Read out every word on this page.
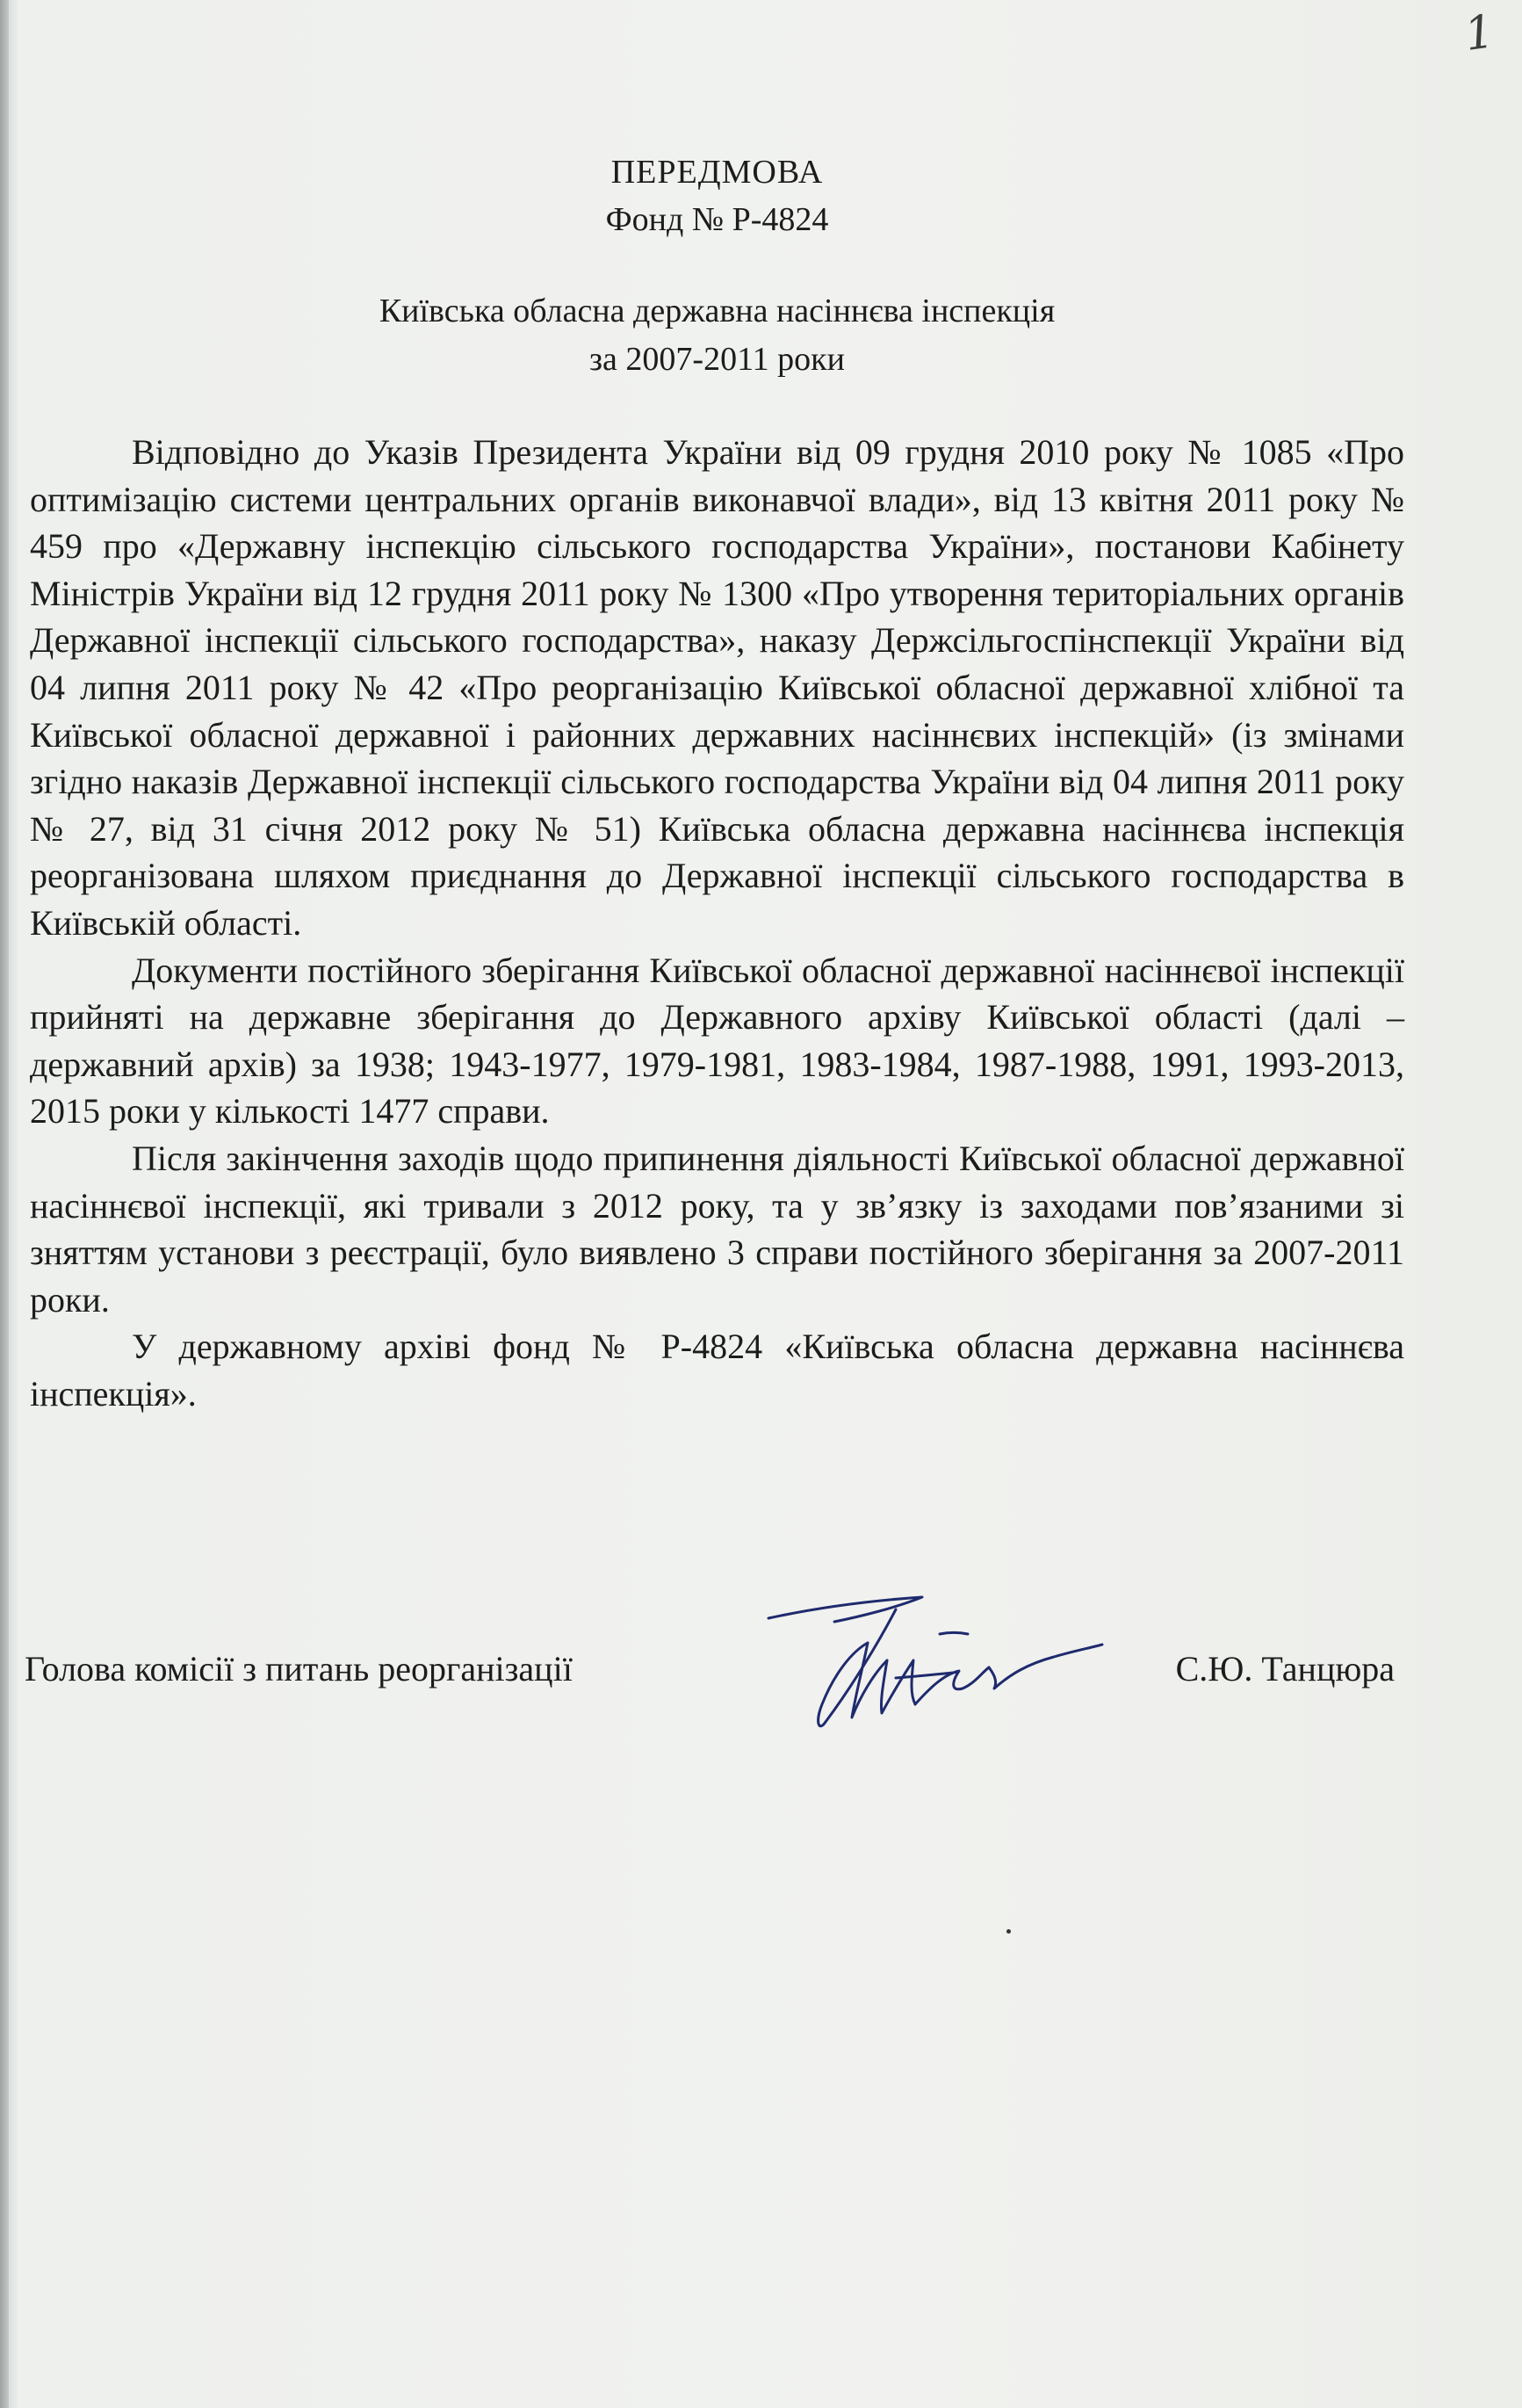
1
ПЕРЕДМОВА
Фонд № Р-4824
Київська обласна державна насіннєва інспекція
за 2007-2011 роки

Відповідно до Указів Президента України від 09 грудня 2010 року № 1085 «Про оптимізацію системи центральних органів виконавчої влади», від 13 квітня 2011 року № 459 про «Державну інспекцію сільського господарства України», постанови Кабінету Міністрів України від 12 грудня 2011 року № 1300 «Про утворення територіальних органів Державної інспекції сільського господарства», наказу Держсільгоспінспекції України від 04 липня 2011 року № 42 «Про реорганізацію Київської обласної державної хлібної та Київської обласної державної і районних державних насіннєвих інспекцій» (із змінами згідно наказів Державної інспекції сільського господарства України від 04 липня 2011 року № 27, від 31 січня 2012 року № 51) Київська обласна державна насіннєва інспекція реорганізована шляхом приєднання до Державної інспекції сільського господарства в Київській області.

Документи постійного зберігання Київської обласної державної насіннєвої інспекції прийняті на державне зберігання до Державного архіву Київської області (далі – державний архів) за 1938; 1943-1977, 1979-1981, 1983-1984, 1987-1988, 1991, 1993-2013, 2015 роки у кількості 1477 справи.

Після закінчення заходів щодо припинення діяльності Київської обласної державної насіннєвої інспекції, які тривали з 2012 року, та у зв’язку із заходами пов’язаними зі зняттям установи з реєстрації, було виявлено 3 справи постійного зберігання за 2007-2011 роки.

У державному архіві фонд № Р-4824 «Київська обласна державна насіннєва інспекція».

Голова комісії з питань реорганізації	С.Ю. Танцюра
